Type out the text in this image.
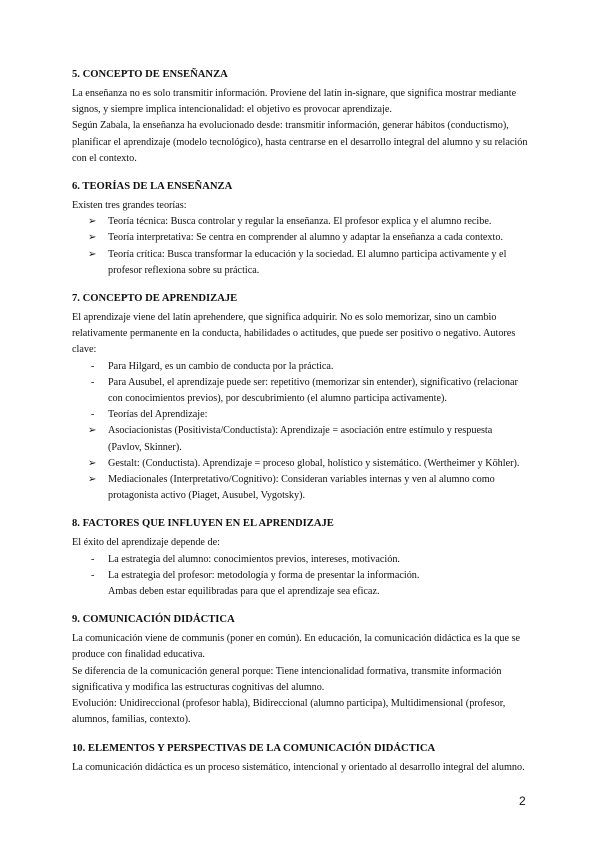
5. CONCEPTO DE ENSEÑANZA

La enseñanza no es solo transmitir información. Proviene del latín in-signare, que significa mostrar mediante signos, y siempre implica intencionalidad: el objetivo es provocar aprendizaje.

Según Zabala, la enseñanza ha evolucionado desde: transmitir información, generar hábitos (conductismo), planificar el aprendizaje (modelo tecnológico), hasta centrarse en el desarrollo integral del alumno y su relación con el contexto.

6. TEORÍAS DE LA ENSEÑANZA

Existen tres grandes teorías:

➢ Teoría técnica: Busca controlar y regular la enseñanza. El profesor explica y el alumno recibe.
➢ Teoría interpretativa: Se centra en comprender al alumno y adaptar la enseñanza a cada contexto.
➢ Teoría crítica: Busca transformar la educación y la sociedad. El alumno participa activamente y el profesor reflexiona sobre su práctica.
7. CONCEPTO DE APRENDIZAJE

El aprendizaje viene del latín aprehendere, que significa adquirir. No es solo memorizar, sino un cambio relativamente permanente en la conducta, habilidades o actitudes, que puede ser positivo o negativo. Autores clave:

- Para Hilgard, es un cambio de conducta por la práctica.
- Para Ausubel, el aprendizaje puede ser: repetitivo (memorizar sin entender), significativo (relacionar con conocimientos previos), por descubrimiento (el alumno participa activamente).
- Teorías del Aprendizaje:
➢ Asociacionistas (Positivista/Conductista): Aprendizaje = asociación entre estímulo y respuesta (Pavlov, Skinner).
➢ Gestalt: (Conductista). Aprendizaje = proceso global, holístico y sistemático. (Wertheimer y Köhler).
➢ Mediacionales (Interpretativo/Cognitivo): Consideran variables internas y ven al alumno como protagonista activo (Piaget, Ausubel, Vygotsky).
8. FACTORES QUE INFLUYEN EN EL APRENDIZAJE

El éxito del aprendizaje depende de:

- La estrategia del alumno: conocimientos previos, intereses, motivación.
- La estrategia del profesor: metodología y forma de presentar la información.

Ambas deben estar equilibradas para que el aprendizaje sea eficaz.

9. COMUNICACIÓN DIDÁCTICA

La comunicación viene de communis (poner en común). En educación, la comunicación didáctica es la que se produce con finalidad educativa.

Se diferencia de la comunicación general porque: Tiene intencionalidad formativa, transmite información significativa y modifica las estructuras cognitivas del alumno.

Evolución: Unidireccional (profesor habla), Bidireccional (alumno participa), Multidimensional (profesor, alumnos, familias, contexto).

10. ELEMENTOS Y PERSPECTIVAS DE LA COMUNICACIÓN DIDÁCTICA

La comunicación didáctica es un proceso sistemático, intencional y orientado al desarrollo integral del alumno.

2
